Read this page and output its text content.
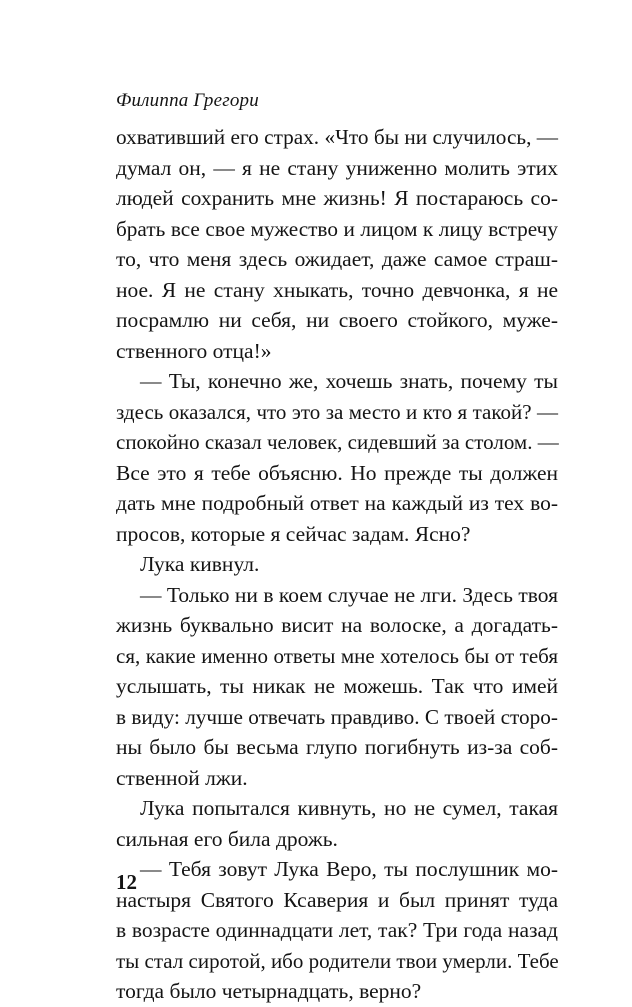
Филиппа Грегори
охвативший его страх. «Что бы ни случилось, —
думал он, — я не стану униженно молить этих
людей сохранить мне жизнь! Я постараюсь со-
брать все свое мужество и лицом к лицу встречу
то, что меня здесь ожидает, даже самое страш-
ное. Я не стану хныкать, точно девчонка, я не
посрамлю ни себя, ни своего стойкого, муже-
ственного отца!»
— Ты, конечно же, хочешь знать, почему ты
здесь оказался, что это за место и кто я такой? —
спокойно сказал человек, сидевший за столом. —
Все это я тебе объясню. Но прежде ты должен
дать мне подробный ответ на каждый из тех во-
просов, которые я сейчас задам. Ясно?
Лука кивнул.
— Только ни в коем случае не лги. Здесь твоя
жизнь буквально висит на волоске, а догадать-
ся, какие именно ответы мне хотелось бы от тебя
услышать, ты никак не можешь. Так что имей
в виду: лучше отвечать правдиво. С твоей сторо-
ны было бы весьма глупо погибнуть из-за соб-
ственной лжи.
Лука попытался кивнуть, но не сумел, такая
сильная его била дрожь.
— Тебя зовут Лука Веро, ты послушник мо-
настыря Святого Ксаверия и был принят туда
в возрасте одиннадцати лет, так? Три года назад
ты стал сиротой, ибо родители твои умерли. Тебе
тогда было четырнадцать, верно?
12
